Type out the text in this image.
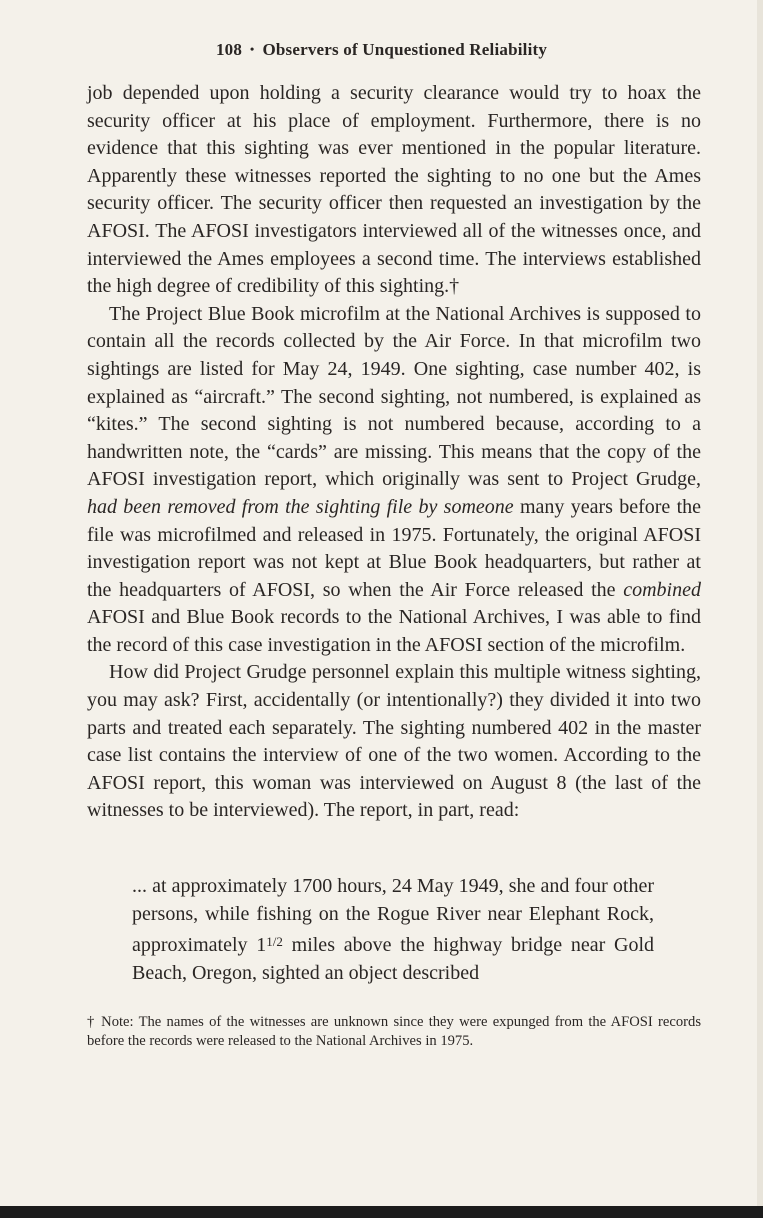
108 • Observers of Unquestioned Reliability

job depended upon holding a security clearance would try to hoax the security officer at his place of employment. Furthermore, there is no evidence that this sighting was ever mentioned in the popular literature. Apparently these witnesses reported the sighting to no one but the Ames security officer. The security officer then requested an investigation by the AFOSI. The AFOSI investigators interviewed all of the witnesses once, and interviewed the Ames employees a second time. The interviews established the high degree of credibility of this sighting.†

The Project Blue Book microfilm at the National Archives is supposed to contain all the records collected by the Air Force. In that microfilm two sightings are listed for May 24, 1949. One sighting, case number 402, is explained as “aircraft.” The second sighting, not numbered, is explained as “kites.” The second sighting is not numbered because, according to a handwritten note, the “cards” are missing. This means that the copy of the AFOSI investigation report, which originally was sent to Project Grudge, had been removed from the sighting file by someone many years before the file was microfilmed and released in 1975. Fortunately, the original AFOSI investigation report was not kept at Blue Book headquarters, but rather at the headquarters of AFOSI, so when the Air Force released the combined AFOSI and Blue Book records to the National Archives, I was able to find the record of this case investigation in the AFOSI section of the microfilm.

How did Project Grudge personnel explain this multiple witness sighting, you may ask? First, accidentally (or intentionally?) they divided it into two parts and treated each separately. The sighting numbered 402 in the master case list contains the interview of one of the two women. According to the AFOSI report, this woman was interviewed on August 8 (the last of the witnesses to be interviewed). The report, in part, read:

... at approximately 1700 hours, 24 May 1949, she and four other persons, while fishing on the Rogue River near Elephant Rock, approximately $1^{1/2}$ miles above the highway bridge near Gold Beach, Oregon, sighted an object described
† Note: The names of the witnesses are unknown since they were expunged from the AFOSI records before the records were released to the National Archives in 1975.
